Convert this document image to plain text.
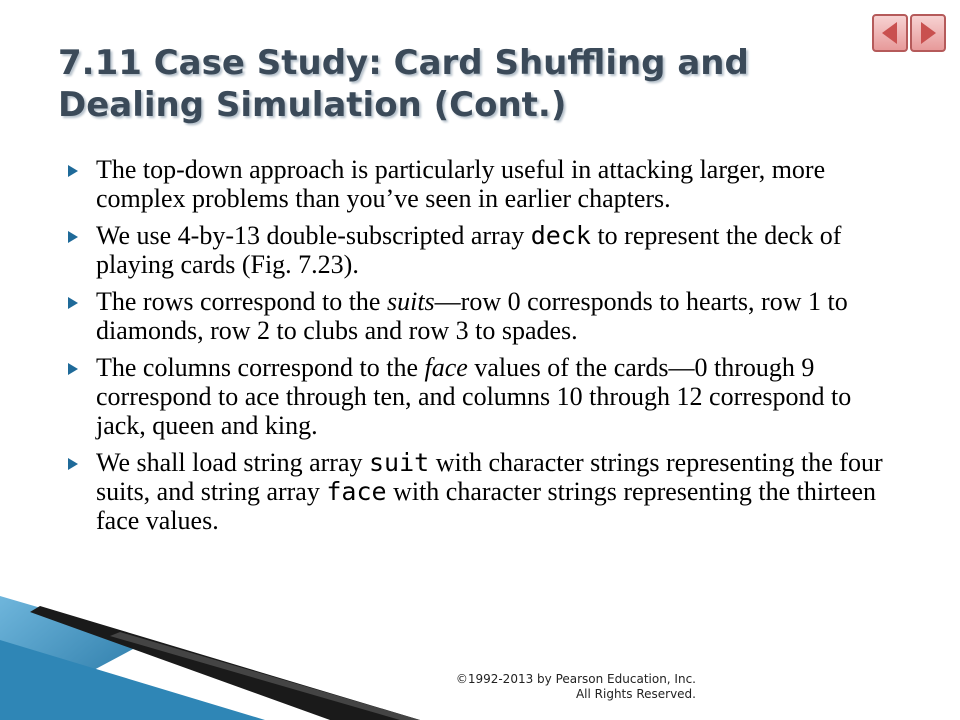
7.11 Case Study: Card Shuffling and
Dealing Simulation (Cont.)
The top-down approach is particularly useful in attacking larger, more complex problems than you’ve seen in earlier chapters.
We use 4-by-13 double-subscripted array deck to represent the deck of playing cards (Fig. 7.23).
The rows correspond to the suits—row 0 corresponds to hearts, row 1 to diamonds, row 2 to clubs and row 3 to spades.
The columns correspond to the face values of the cards—0 through 9 correspond to ace through ten, and columns 10 through 12 correspond to jack, queen and king.
We shall load string array suit with character strings representing the four suits, and string array face with character strings representing the thirteen face values.
©1992-2013 by Pearson Education, Inc.
All Rights Reserved.
